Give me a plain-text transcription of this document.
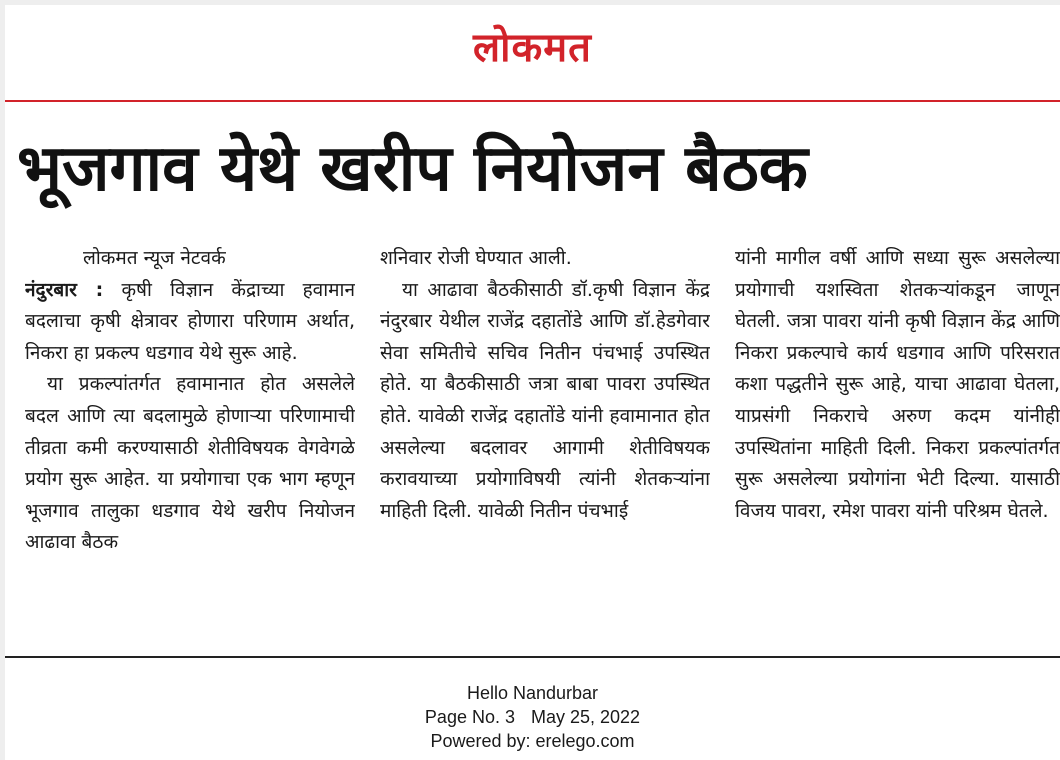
लोकमत
भूजगाव येथे खरीप नियोजन बैठक

लोकमत न्यूज नेटवर्क

नंदुरबार : कृषी विज्ञान केंद्राच्या हवामान बदलाचा कृषी क्षेत्रावर होणारा परिणाम अर्थात, निकरा हा प्रकल्प धडगाव येथे सुरू आहे.

या प्रकल्पांतर्गत हवामानात होत असलेले बदल आणि त्या बदलामुळे होणाऱ्या परिणामाची तीव्रता कमी करण्यासाठी शेतीविषयक वेगवेगळे प्रयोग सुरू आहेत. या प्रयोगाचा एक भाग म्हणून भूजगाव तालुका धडगाव येथे खरीप नियोजन आढावा बैठक

शनिवार रोजी घेण्यात आली.

या आढावा बैठकीसाठी डॉ.कृषी विज्ञान केंद्र नंदुरबार येथील राजेंद्र दहातोंडे आणि डॉ.हेडगेवार सेवा समितीचे सचिव नितीन पंचभाई उपस्थित होते. या बैठकीसाठी जत्रा बाबा पावरा उपस्थित होते. यावेळी राजेंद्र दहातोंडे यांनी हवामानात होत असलेल्या बदलावर आगामी शेतीविषयक करावयाच्या प्रयोगाविषयी त्यांनी शेतकऱ्यांना माहिती दिली. यावेळी नितीन पंचभाई

यांनी मागील वर्षी आणि सध्या सुरू असलेल्या प्रयोगाची यशस्विता शेतकऱ्यांकडून जाणून घेतली. जत्रा पावरा यांनी कृषी विज्ञान केंद्र आणि निकरा प्रकल्पाचे कार्य धडगाव आणि परिसरात कशा पद्धतीने सुरू आहे, याचा आढावा घेतला, याप्रसंगी निकराचे अरुण कदम यांनीही उपस्थितांना माहिती दिली. निकरा प्रकल्पांतर्गत सुरू असलेल्या प्रयोगांना भेटी दिल्या. यासाठी विजय पावरा, रमेश पावरा यांनी परिश्रम घेतले.

Hello Nandurbar
Page No. 3 May 25, 2022
Powered by: erelego.com
